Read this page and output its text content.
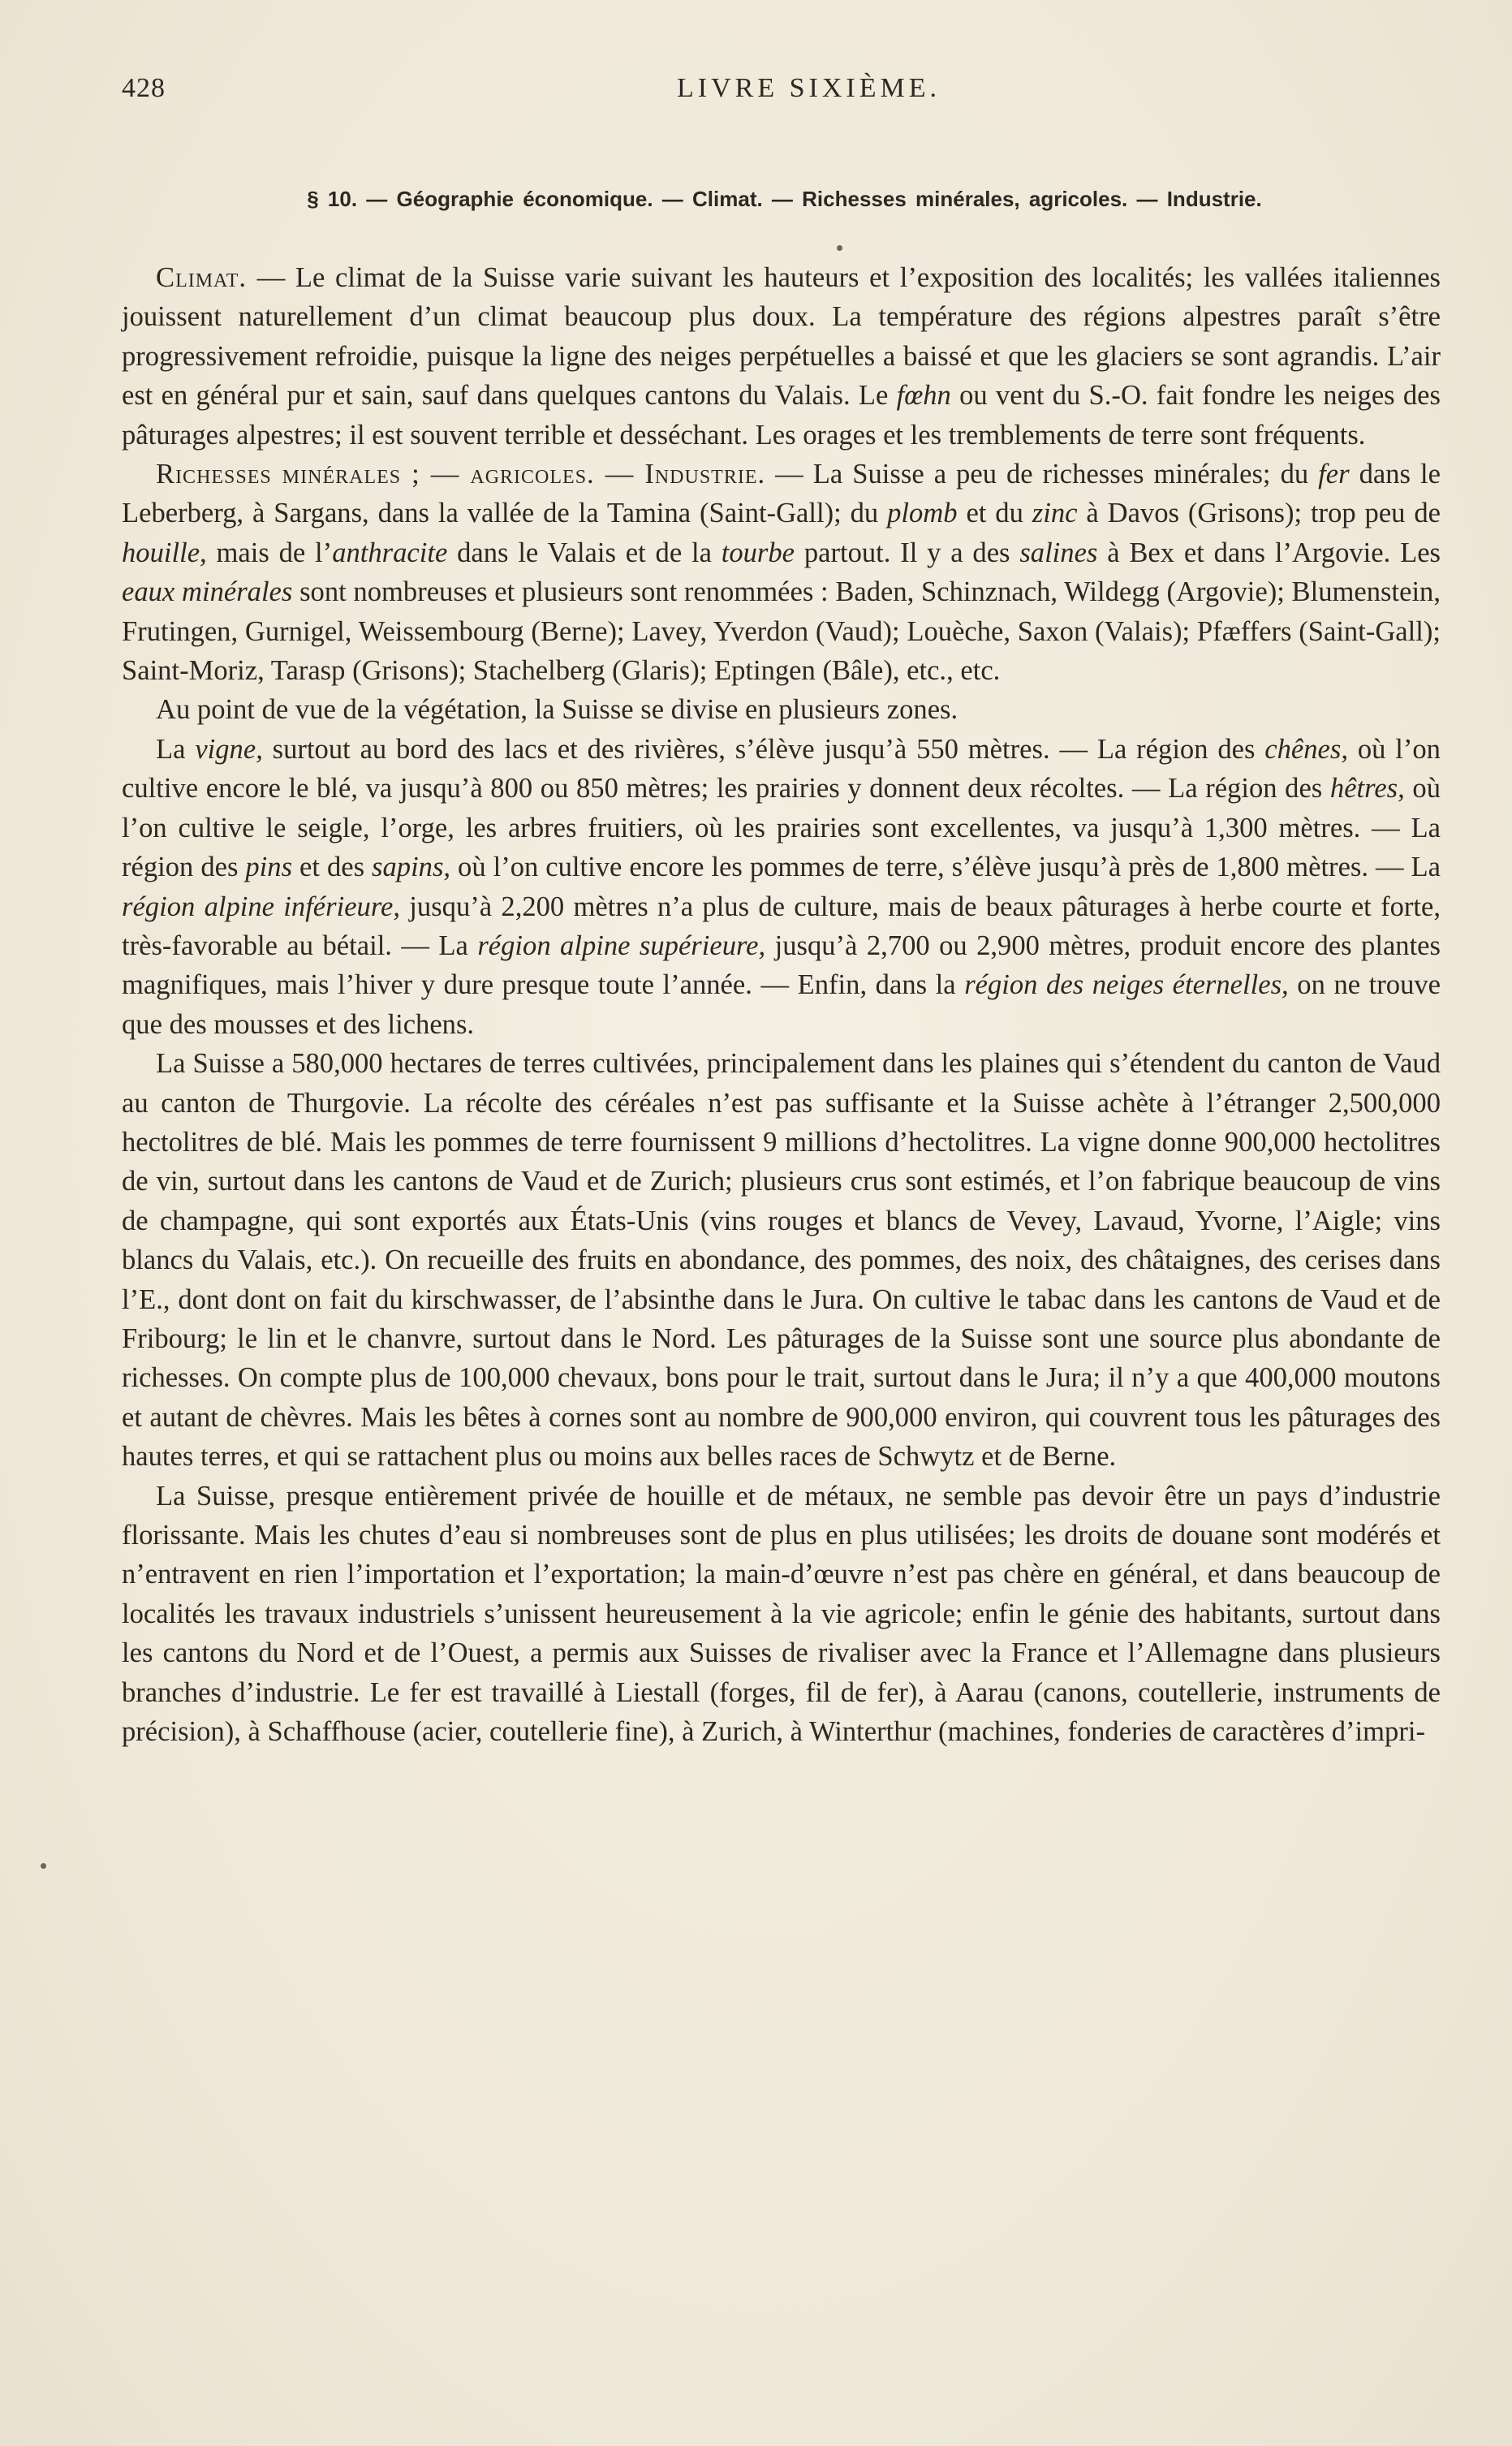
428	LIVRE SIXIÈME.
§ 10. — Géographie économique. — Climat. — Richesses minérales, agricoles. — Industrie.

Climat. — Le climat de la Suisse varie suivant les hauteurs et l’exposition des localités; les vallées italiennes jouissent naturellement d’un climat beaucoup plus doux. La température des régions alpestres paraît s’être progressivement refroidie, puisque la ligne des neiges perpétuelles a baissé et que les glaciers se sont agrandis. L’air est en général pur et sain, sauf dans quelques cantons du Valais. Le fœhn ou vent du S.-O. fait fondre les neiges des pâturages alpestres; il est souvent terrible et desséchant. Les orages et les tremblements de terre sont fréquents.

Richesses minérales ; — agricoles. — Industrie. — La Suisse a peu de richesses minérales; du fer dans le Leberberg, à Sargans, dans la vallée de la Tamina (Saint-Gall); du plomb et du zinc à Davos (Grisons); trop peu de houille, mais de l’anthracite dans le Valais et de la tourbe partout. Il y a des salines à Bex et dans l’Argovie. Les eaux minérales sont nombreuses et plusieurs sont renommées : Baden, Schinznach, Wildegg (Argovie); Blumenstein, Frutingen, Gurnigel, Weissembourg (Berne); Lavey, Yverdon (Vaud); Louèche, Saxon (Valais); Pfæffers (Saint-Gall); Saint-Moriz, Tarasp (Grisons); Stachelberg (Glaris); Eptingen (Bâle), etc., etc.

Au point de vue de la végétation, la Suisse se divise en plusieurs zones.

La vigne, surtout au bord des lacs et des rivières, s’élève jusqu’à 550 mètres. — La région des chênes, où l’on cultive encore le blé, va jusqu’à 800 ou 850 mètres; les prairies y donnent deux récoltes. — La région des hêtres, où l’on cultive le seigle, l’orge, les arbres fruitiers, où les prairies sont excellentes, va jusqu’à 1,300 mètres. — La région des pins et des sapins, où l’on cultive encore les pommes de terre, s’élève jusqu’à près de 1,800 mètres. — La région alpine inférieure, jusqu’à 2,200 mètres n’a plus de culture, mais de beaux pâturages à herbe courte et forte, très-favorable au bétail. — La région alpine supérieure, jusqu’à 2,700 ou 2,900 mètres, produit encore des plantes magnifiques, mais l’hiver y dure presque toute l’année. — Enfin, dans la région des neiges éternelles, on ne trouve que des mousses et des lichens.

La Suisse a 580,000 hectares de terres cultivées, principalement dans les plaines qui s’étendent du canton de Vaud au canton de Thurgovie. La récolte des céréales n’est pas suffisante et la Suisse achète à l’étranger 2,500,000 hectolitres de blé. Mais les pommes de terre fournissent 9 millions d’hectolitres. La vigne donne 900,000 hectolitres de vin, surtout dans les cantons de Vaud et de Zurich; plusieurs crus sont estimés, et l’on fabrique beaucoup de vins de champagne, qui sont exportés aux États-Unis (vins rouges et blancs de Vevey, Lavaud, Yvorne, l’Aigle; vins blancs du Valais, etc.). On recueille des fruits en abondance, des pommes, des noix, des châtaignes, des cerises dans l’E., dont dont on fait du kirschwasser, de l’absinthe dans le Jura. On cultive le tabac dans les cantons de Vaud et de Fribourg; le lin et le chanvre, surtout dans le Nord. Les pâturages de la Suisse sont une source plus abondante de richesses. On compte plus de 100,000 chevaux, bons pour le trait, surtout dans le Jura; il n’y a que 400,000 moutons et autant de chèvres. Mais les bêtes à cornes sont au nombre de 900,000 environ, qui couvrent tous les pâturages des hautes terres, et qui se rattachent plus ou moins aux belles races de Schwytz et de Berne.

La Suisse, presque entièrement privée de houille et de métaux, ne semble pas devoir être un pays d’industrie florissante. Mais les chutes d’eau si nombreuses sont de plus en plus utilisées; les droits de douane sont modérés et n’entravent en rien l’importation et l’exportation; la main-d’œuvre n’est pas chère en général, et dans beaucoup de localités les travaux industriels s’unissent heureusement à la vie agricole; enfin le génie des habitants, surtout dans les cantons du Nord et de l’Ouest, a permis aux Suisses de rivaliser avec la France et l’Allemagne dans plusieurs branches d’industrie. Le fer est travaillé à Liestall (forges, fil de fer), à Aarau (canons, coutellerie, instruments de précision), à Schaffhouse (acier, coutellerie fine), à Zurich, à Winterthur (machines, fonderies de caractères d’impri-
